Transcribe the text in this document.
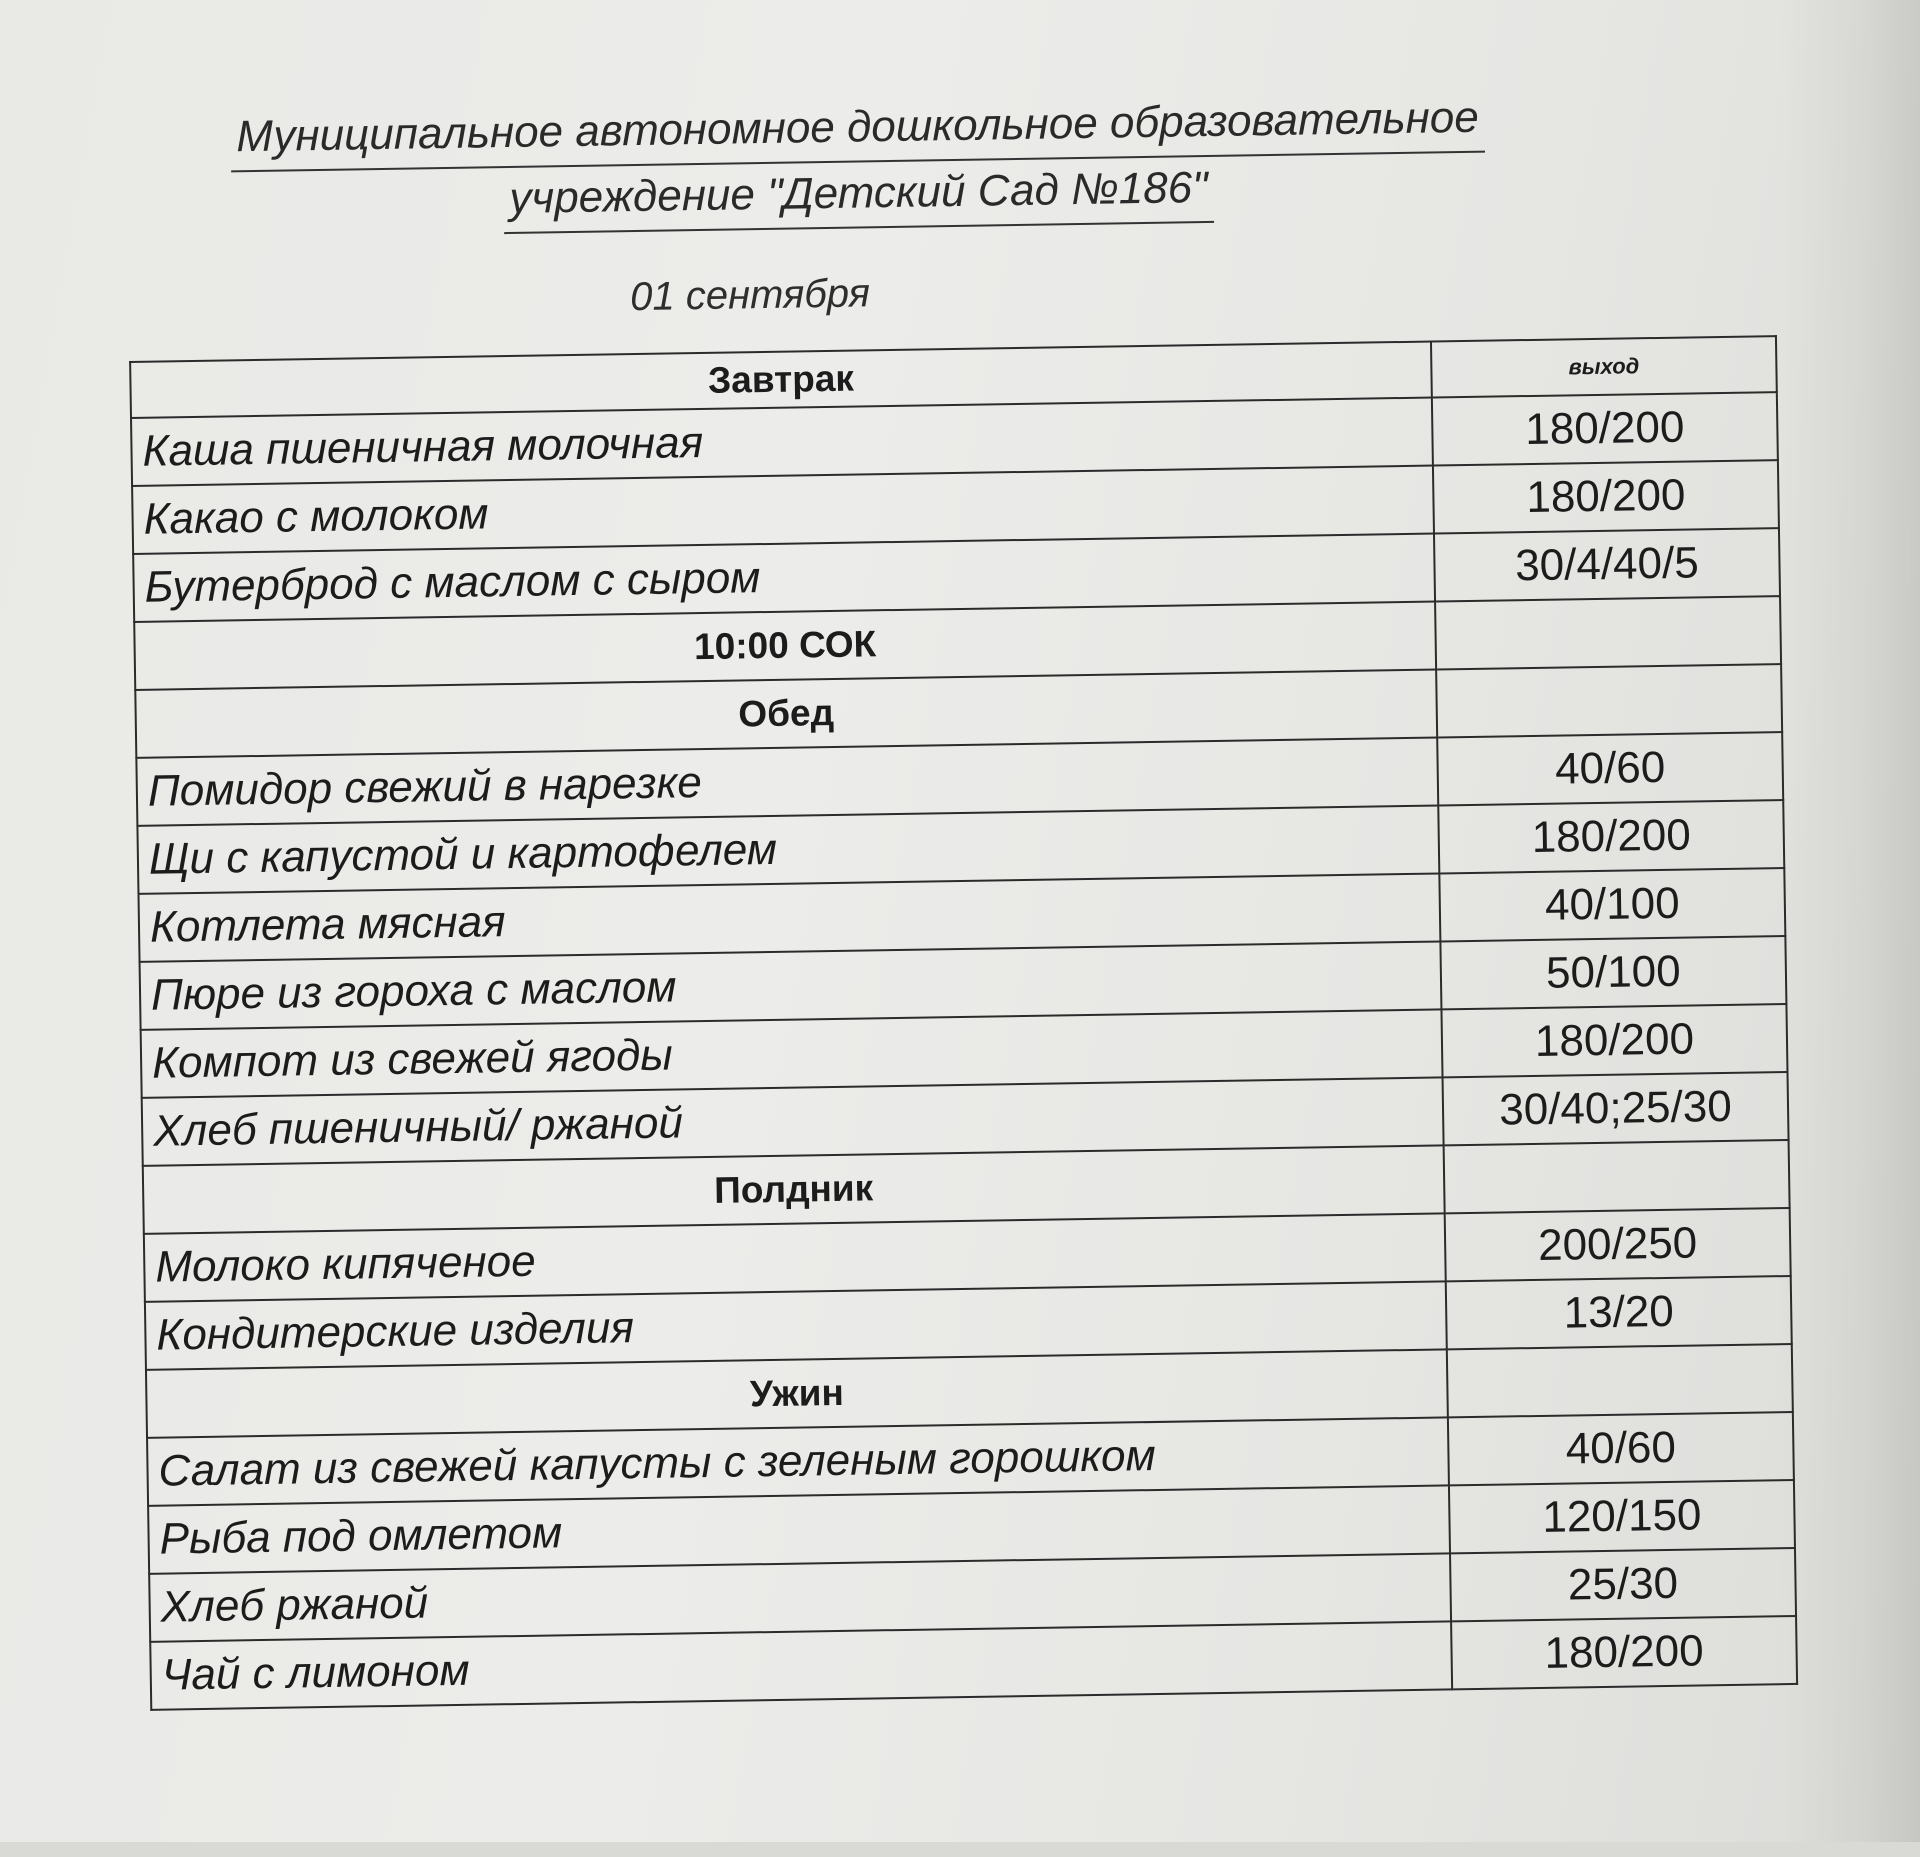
Муниципальное автономное дошкольное образовательное
учреждение "Детский Сад №186"
01 сентября
Завтрак	выход
Каша пшеничная молочная	180/200
Какао с молоком	180/200
Бутерброд с маслом с сыром	30/4/40/5
10:00 СОК	
Обед	
Помидор свежий в нарезке	40/60
Щи с капустой и картофелем	180/200
Котлета мясная	40/100
Пюре из гороха с маслом	50/100
Компот из свежей ягоды	180/200
Хлеб пшеничный/ ржаной	30/40;25/30
Полдник	
Молоко кипяченое	200/250
Кондитерские изделия	13/20
Ужин	
Салат из свежей капусты с зеленым горошком	40/60
Рыба под омлетом	120/150
Хлеб ржаной	25/30
Чай с лимоном	180/200
